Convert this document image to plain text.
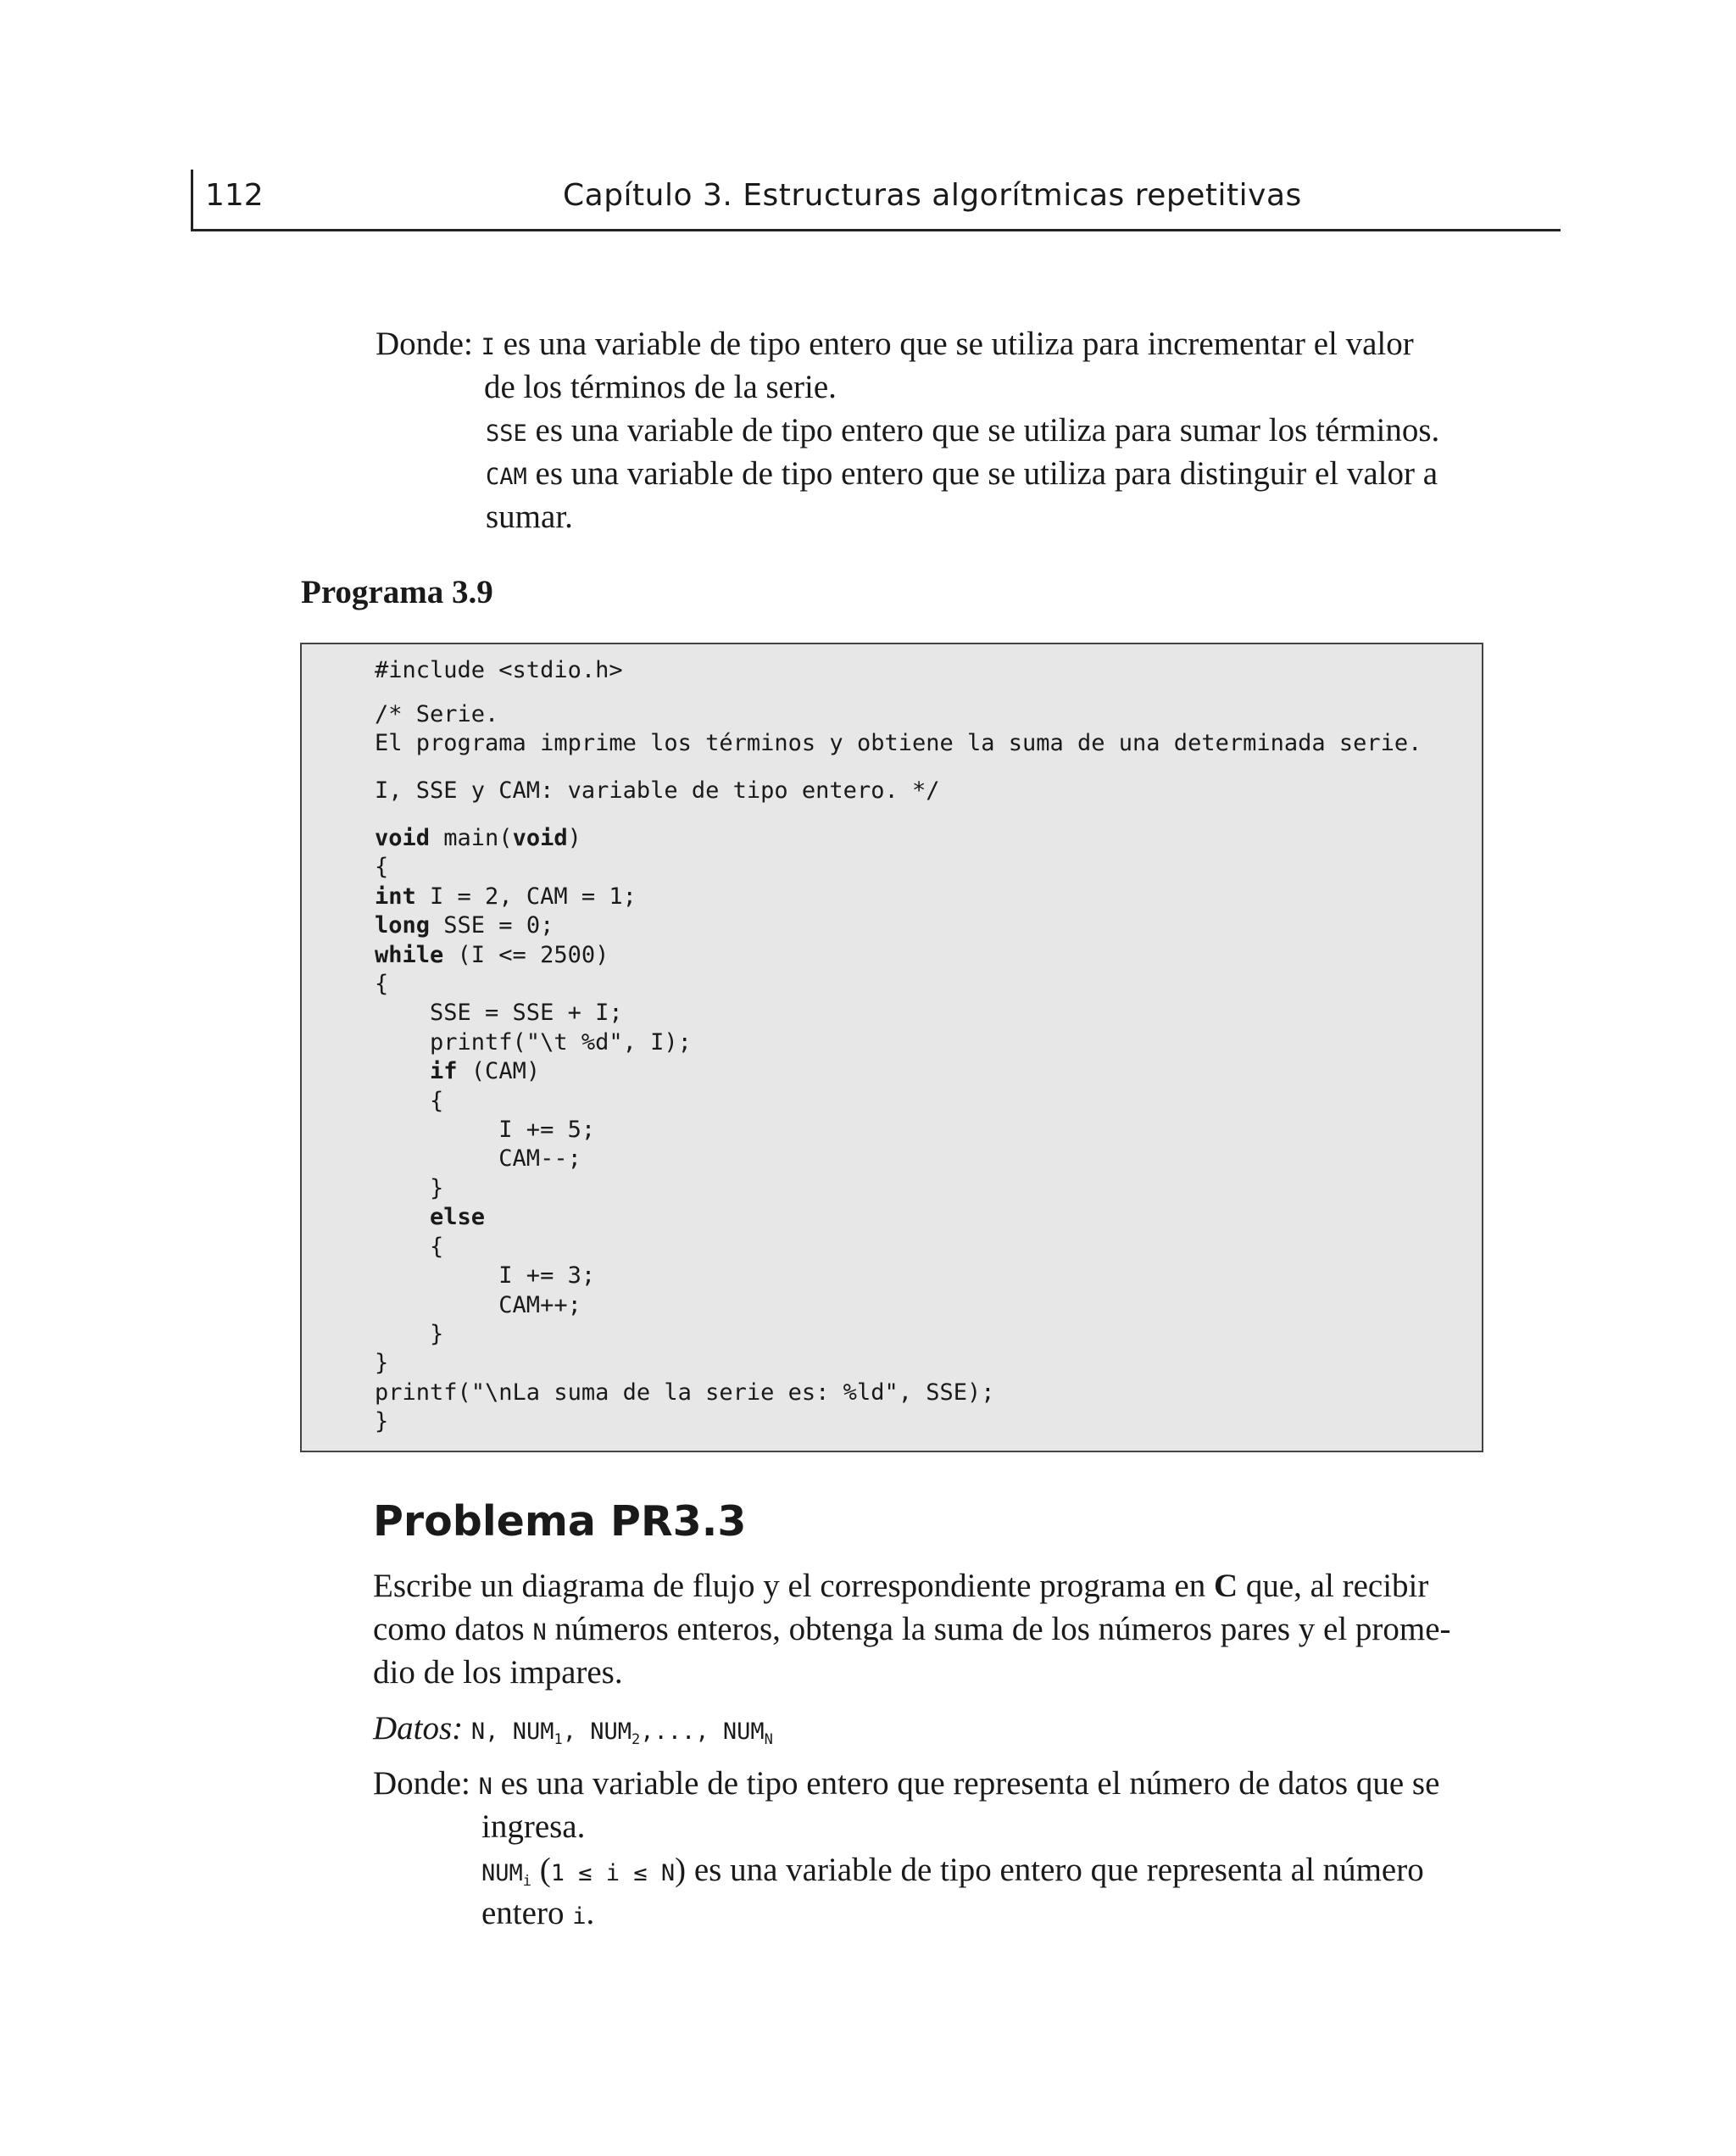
112	Capítulo 3. Estructuras algorítmicas repetitivas
Donde: I es una variable de tipo entero que se utiliza para incrementar el valor
de los términos de la serie.
SSE es una variable de tipo entero que se utiliza para sumar los términos.
CAM es una variable de tipo entero que se utiliza para distinguir el valor a
sumar.
Programa 3.9
#include <stdio.h>
/* Serie.
El programa imprime los términos y obtiene la suma de una determinada serie.
I, SSE y CAM: variable de tipo entero. */
void main(void)
{
int I = 2, CAM = 1;
long SSE = 0;
while (I <= 2500)
{
SSE = SSE + I;
printf("\t %d", I);
if (CAM)
{
I += 5;
CAM--;
}
else
{
I += 3;
CAM++;
}
}
printf("\nLa suma de la serie es: %ld", SSE);
}
Problema PR3.3
Escribe un diagrama de flujo y el correspondiente programa en C que, al recibir
como datos N números enteros, obtenga la suma de los números pares y el prome-
dio de los impares.
Datos: N, $NUM_1$, $NUM_2$,..., $NUM_N$
Donde: N es una variable de tipo entero que representa el número de datos que se
ingresa.
$NUM_i$ (1 ≤ i ≤ N) es una variable de tipo entero que representa al número
entero i.
